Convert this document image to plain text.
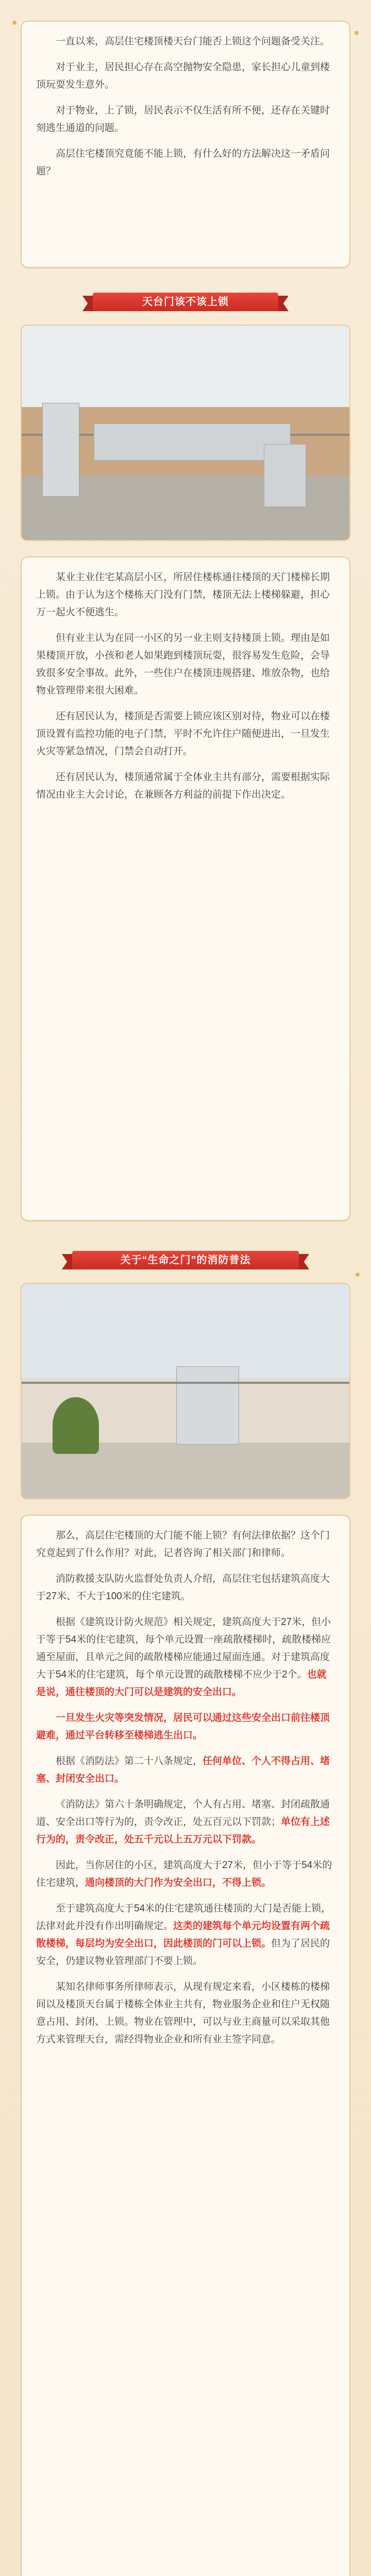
一直以来，高层住宅楼顶楼天台门能否上锁这个问题备受关注。

对于业主，居民担心存在高空抛物安全隐患，家长担心儿童到楼顶玩耍发生意外。

对于物业，上了锁，居民表示不仅生活有所不便，还存在关键时刻逃生通道的问题。

高层住宅楼顶究竟能不能上锁，有什么好的方法解决这一矛盾问题？

天台门该不该上锁

某业主业住宅某高层小区，所居住楼栋通往楼顶的天门楼梯长期上锁。由于认为这个楼栋天门没有门禁，楼顶无法上楼梯躲避，担心万一起火不便逃生。

但有业主认为在同一小区的另一业主则支持楼顶上锁。理由是如果楼顶开放，小孩和老人如果跑到楼顶玩耍，很容易发生危险，会导致很多安全事故。此外，一些住户在楼顶违规搭建、堆放杂物，也给物业管理带来很大困难。

还有居民认为，楼顶是否需要上锁应该区别对待，物业可以在楼顶设置有监控功能的电子门禁，平时不允许住户随便进出，一旦发生火灾等紧急情况，门禁会自动打开。

还有居民认为，楼顶通常属于全体业主共有部分，需要根据实际情况由业主大会讨论，在兼顾各方利益的前提下作出决定。

关于“生命之门”的消防普法

那么，高层住宅楼顶的大门能不能上锁？有何法律依据？这个门究竟起到了什么作用？对此，记者咨询了相关部门和律师。

消防救援支队防火监督处负责人介绍，高层住宅包括建筑高度大于27米、不大于100米的住宅建筑。

根据《建筑设计防火规范》相关规定，建筑高度大于27米，但小于等于54米的住宅建筑，每个单元设置一座疏散楼梯时，疏散楼梯应通至屋面，且单元之间的疏散楼梯应能通过屋面连通。对于建筑高度大于54米的住宅建筑，每个单元设置的疏散楼梯不应少于2个。也就是说，通往楼顶的大门可以是建筑的安全出口。

一旦发生火灾等突发情况，居民可以通过这些安全出口前往楼顶避难，通过平台转移至楼梯逃生出口。

根据《消防法》第二十八条规定，任何单位、个人不得占用、堵塞、封闭安全出口。

《消防法》第六十条明确规定，个人有占用、堵塞、封闭疏散通道、安全出口等行为的，责令改正，处五百元以下罚款；单位有上述行为的，责令改正，处五千元以上五万元以下罚款。

因此，当你居住的小区，建筑高度大于27米，但小于等于54米的住宅建筑，通向楼顶的大门作为安全出口，不得上锁。

至于建筑高度大于54米的住宅建筑通往楼顶的大门是否能上锁，法律对此并没有作出明确规定。这类的建筑每个单元均设置有两个疏散楼梯，每层均为安全出口，因此楼顶的门可以上锁。但为了居民的安全，仍建议物业管理部门不要上锁。

某知名律师事务所律师表示，从现有规定来看，小区楼栋的楼梯间以及楼顶天台属于楼栋全体业主共有，物业服务企业和住户无权随意占用、封闭、上锁。物业在管理中，可以与业主商量可以采取其他方式来管理天台，需经得物业企业和所有业主签字同意。
